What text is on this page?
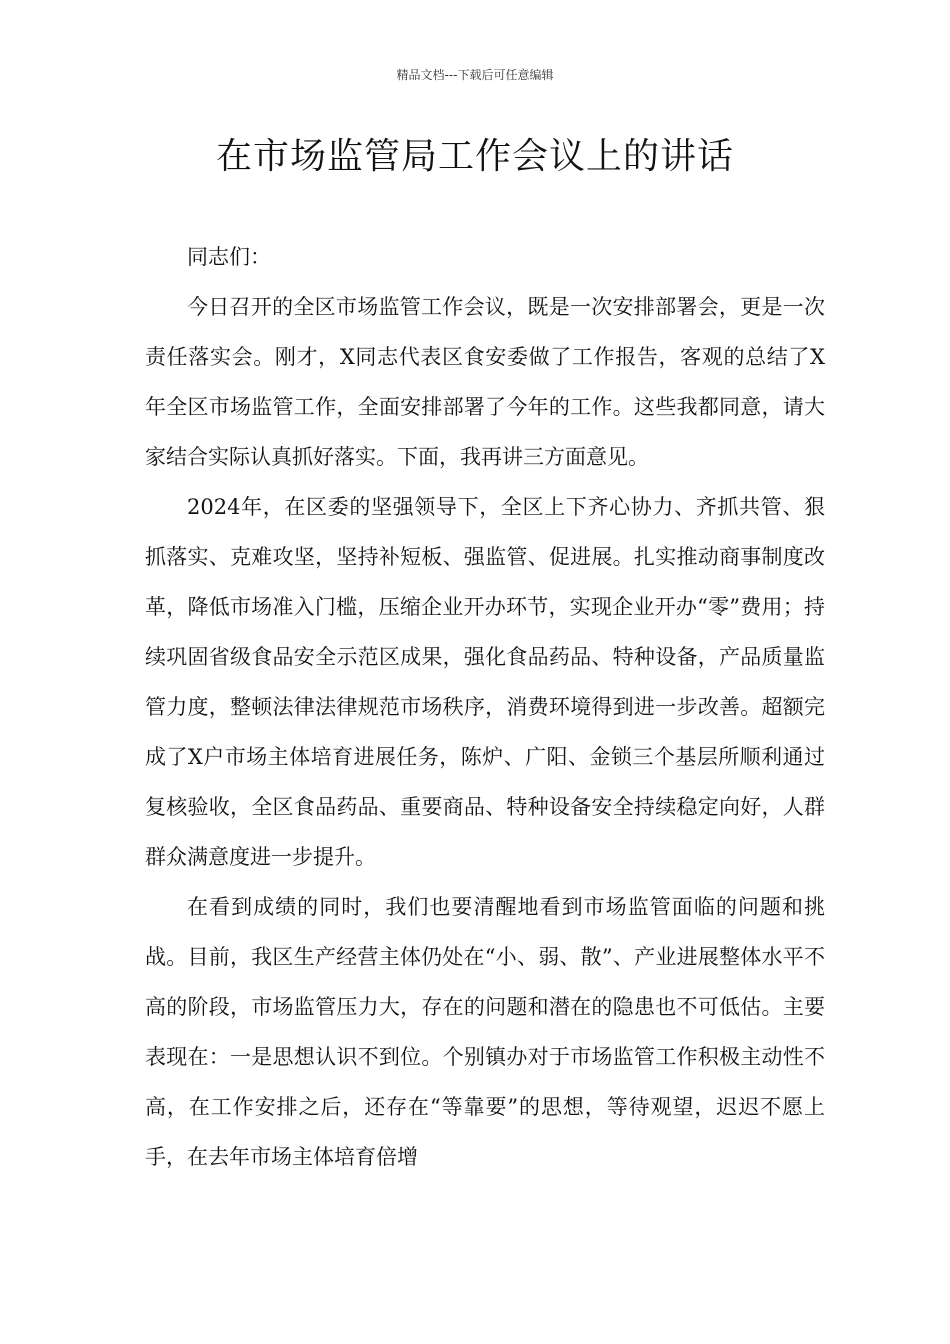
精品文档---下载后可任意编辑
在市场监管局工作会议上的讲话

同志们：

今日召开的全区市场监管工作会议，既是一次安排部署会，更是一次责任落实会。刚才，X同志代表区食安委做了工作报告，客观的总结了X年全区市场监管工作，全面安排部署了今年的工作。这些我都同意，请大家结合实际认真抓好落实。下面，我再讲三方面意见。

2024年，在区委的坚强领导下，全区上下齐心协力、齐抓共管、狠抓落实、克难攻坚，坚持补短板、强监管、促进展。扎实推动商事制度改革，降低市场准入门槛，压缩企业开办环节，实现企业开办“零”费用；持续巩固省级食品安全示范区成果，强化食品药品、特种设备，产品质量监管力度，整顿法律法律规范市场秩序，消费环境得到进一步改善。超额完成了X户市场主体培育进展任务，陈炉、广阳、金锁三个基层所顺利通过复核验收，全区食品药品、重要商品、特种设备安全持续稳定向好，人群群众满意度进一步提升。

在看到成绩的同时，我们也要清醒地看到市场监管面临的问题和挑战。目前，我区生产经营主体仍处在“小、弱、散”、产业进展整体水平不高的阶段，市场监管压力大，存在的问题和潜在的隐患也不可低估。主要表现在：一是思想认识不到位。个别镇办对于市场监管工作积极主动性不高，在工作安排之后，还存在“等靠要”的思想，等待观望，迟迟不愿上手，在去年市场主体培育倍增
